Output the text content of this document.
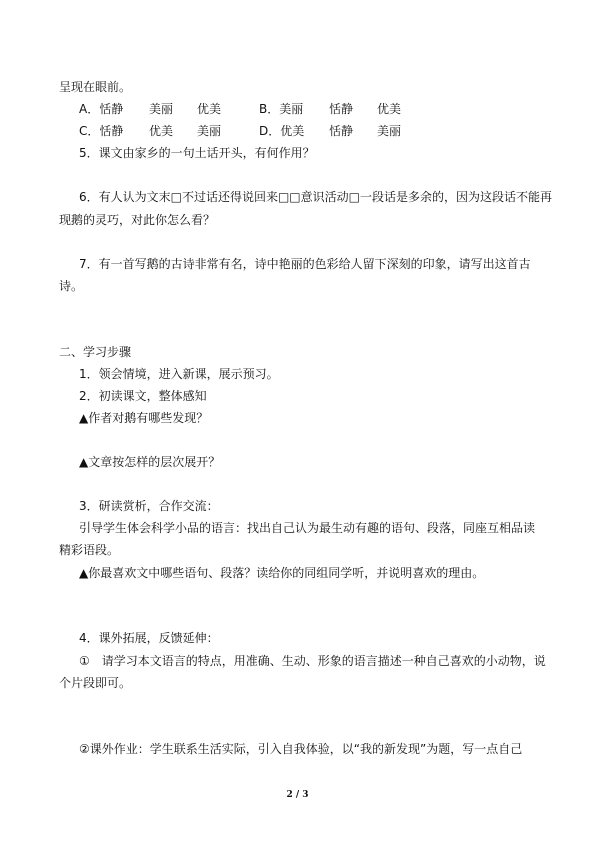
呈现在眼前。
A．恬静 美丽 优美	B．美丽 恬静 优美
C．恬静 优美 美丽	D．优美 恬静 美丽
5．课文由家乡的一句土话开头，有何作用？
6．有人认为文末□不过话还得说回来□□意识活动□一段话是多余的，因为这段话不能再
现鹅的灵巧，对此你怎么看？
7．有一首写鹅的古诗非常有名，诗中艳丽的色彩给人留下深刻的印象，请写出这首古
诗。
二、学习步骤
1．领会情境，进入新课，展示预习。
2．初读课文，整体感知
▲作者对鹅有哪些发现？
▲文章按怎样的层次展开？
3．研读赏析，合作交流：
引导学生体会科学小品的语言：找出自己认为最生动有趣的语句、段落，同座互相品读
精彩语段。
▲你最喜欢文中哪些语句、段落？读给你的同组同学听，并说明喜欢的理由。
4．课外拓展，反馈延伸：
①　请学习本文语言的特点，用准确、生动、形象的语言描述一种自己喜欢的小动物，说
个片段即可。
②课外作业：学生联系生活实际，引入自我体验，以“我的新发现”为题，写一点自己
2 / 3
